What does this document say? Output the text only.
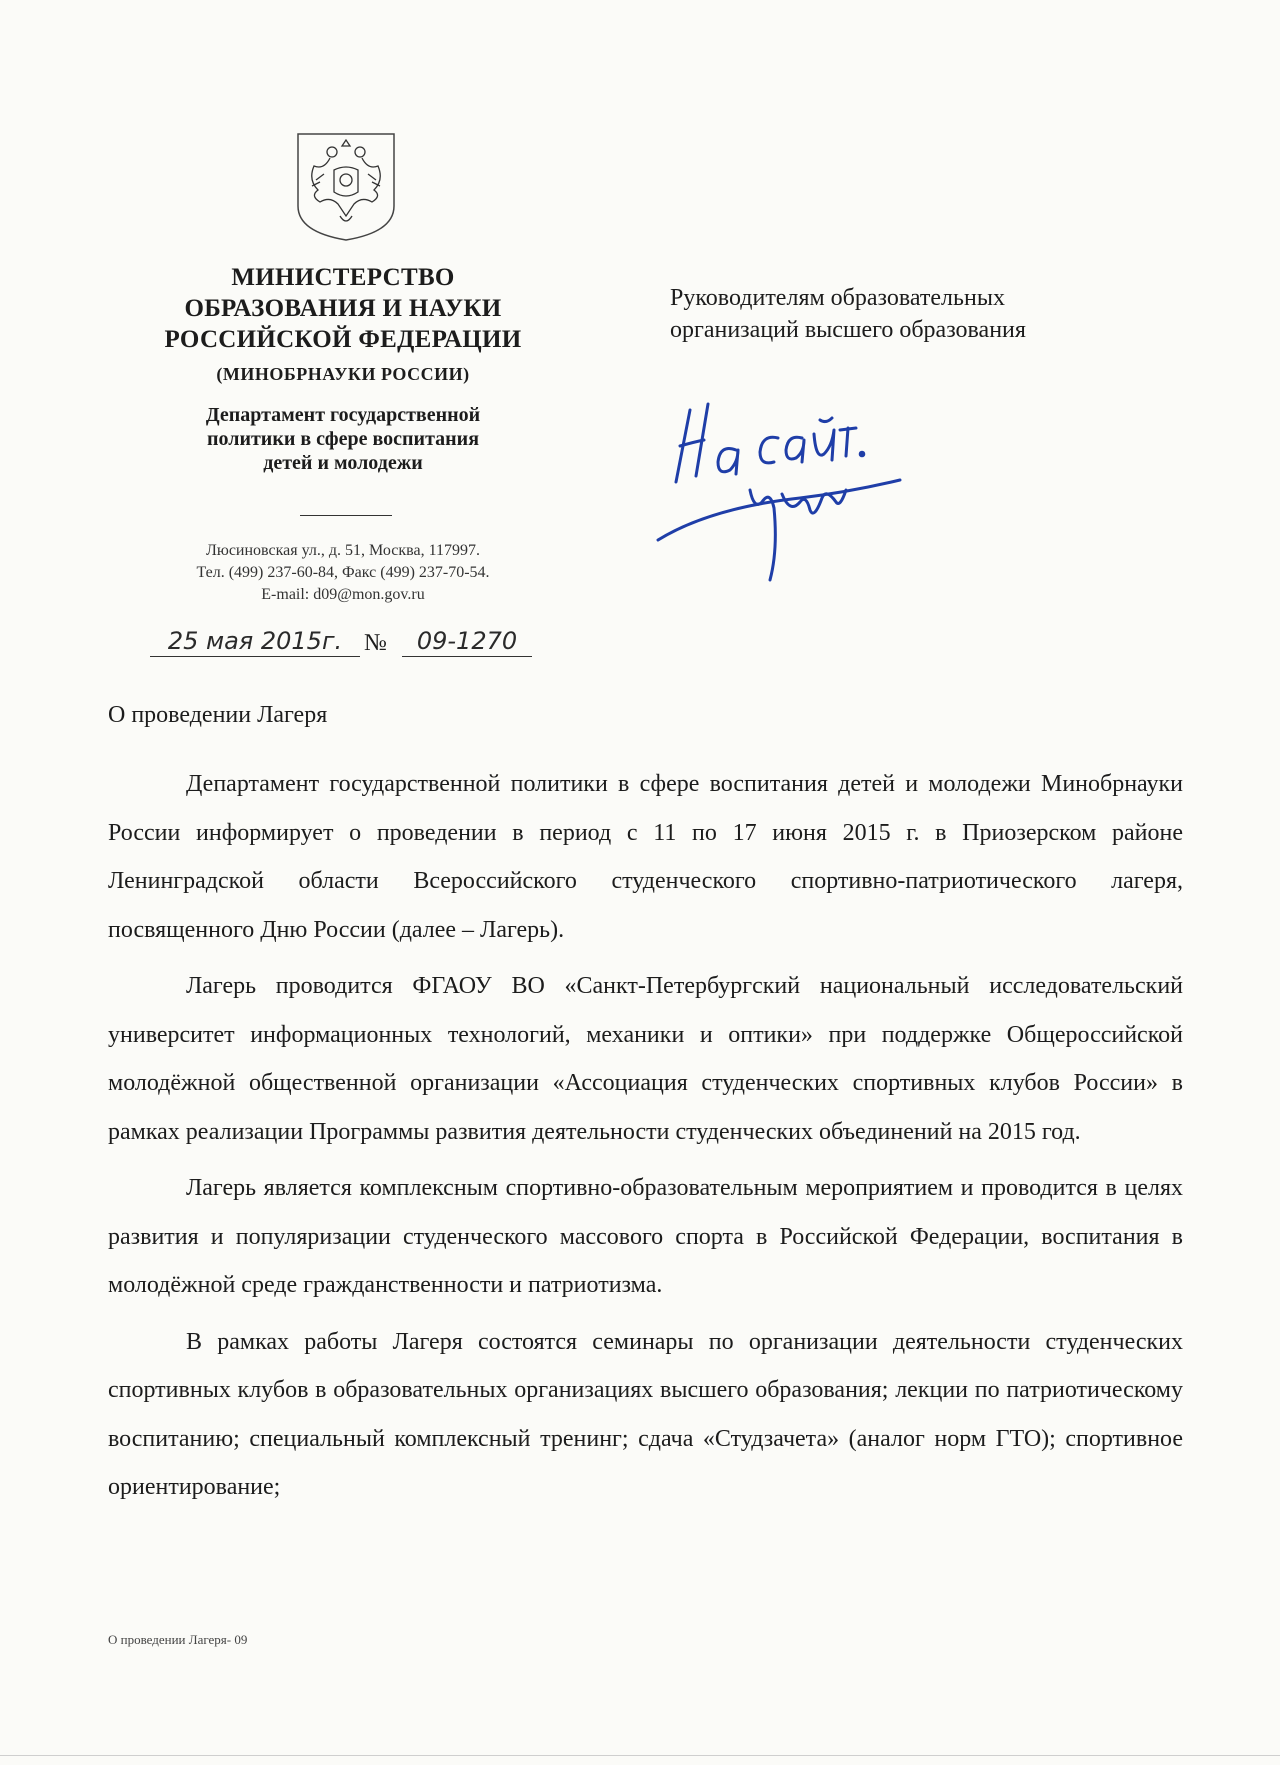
МИНИСТЕРСТВО
ОБРАЗОВАНИЯ И НАУКИ
РОССИЙСКОЙ ФЕДЕРАЦИИ
(МИНОБРНАУКИ РОССИИ)
Департамент государственной
политики в сфере воспитания
детей и молодежи
Люсиновская ул., д. 51, Москва, 117997.
Тел. (499) 237-60-84, Факс (499) 237-70-54.
E-mail: d09@mon.gov.ru
25 мая 2015г. №	09-1270
Руководителям образовательных
организаций высшего образования
О проведении Лагеря

Департамент государственной политики в сфере воспитания детей и молодежи Минобрнауки России информирует о проведении в период с 11 по 17 июня 2015 г. в Приозерском районе Ленинградской области Всероссийского студенческого спортивно-патриотического лагеря, посвященного Дню России (далее – Лагерь).

Лагерь проводится ФГАОУ ВО «Санкт-Петербургский национальный исследовательский университет информационных технологий, механики и оптики» при поддержке Общероссийской молодёжной общественной организации «Ассоциация студенческих спортивных клубов России» в рамках реализации Программы развития деятельности студенческих объединений на 2015 год.

Лагерь является комплексным спортивно-образовательным мероприятием и проводится в целях развития и популяризации студенческого массового спорта в Российской Федерации, воспитания в молодёжной среде гражданственности и патриотизма.

В рамках работы Лагеря состоятся семинары по организации деятельности студенческих спортивных клубов в образовательных организациях высшего образования; лекции по патриотическому воспитанию; специальный комплексный тренинг; сдача «Студзачета» (аналог норм ГТО); спортивное ориентирование;

О проведении Лагеря- 09
